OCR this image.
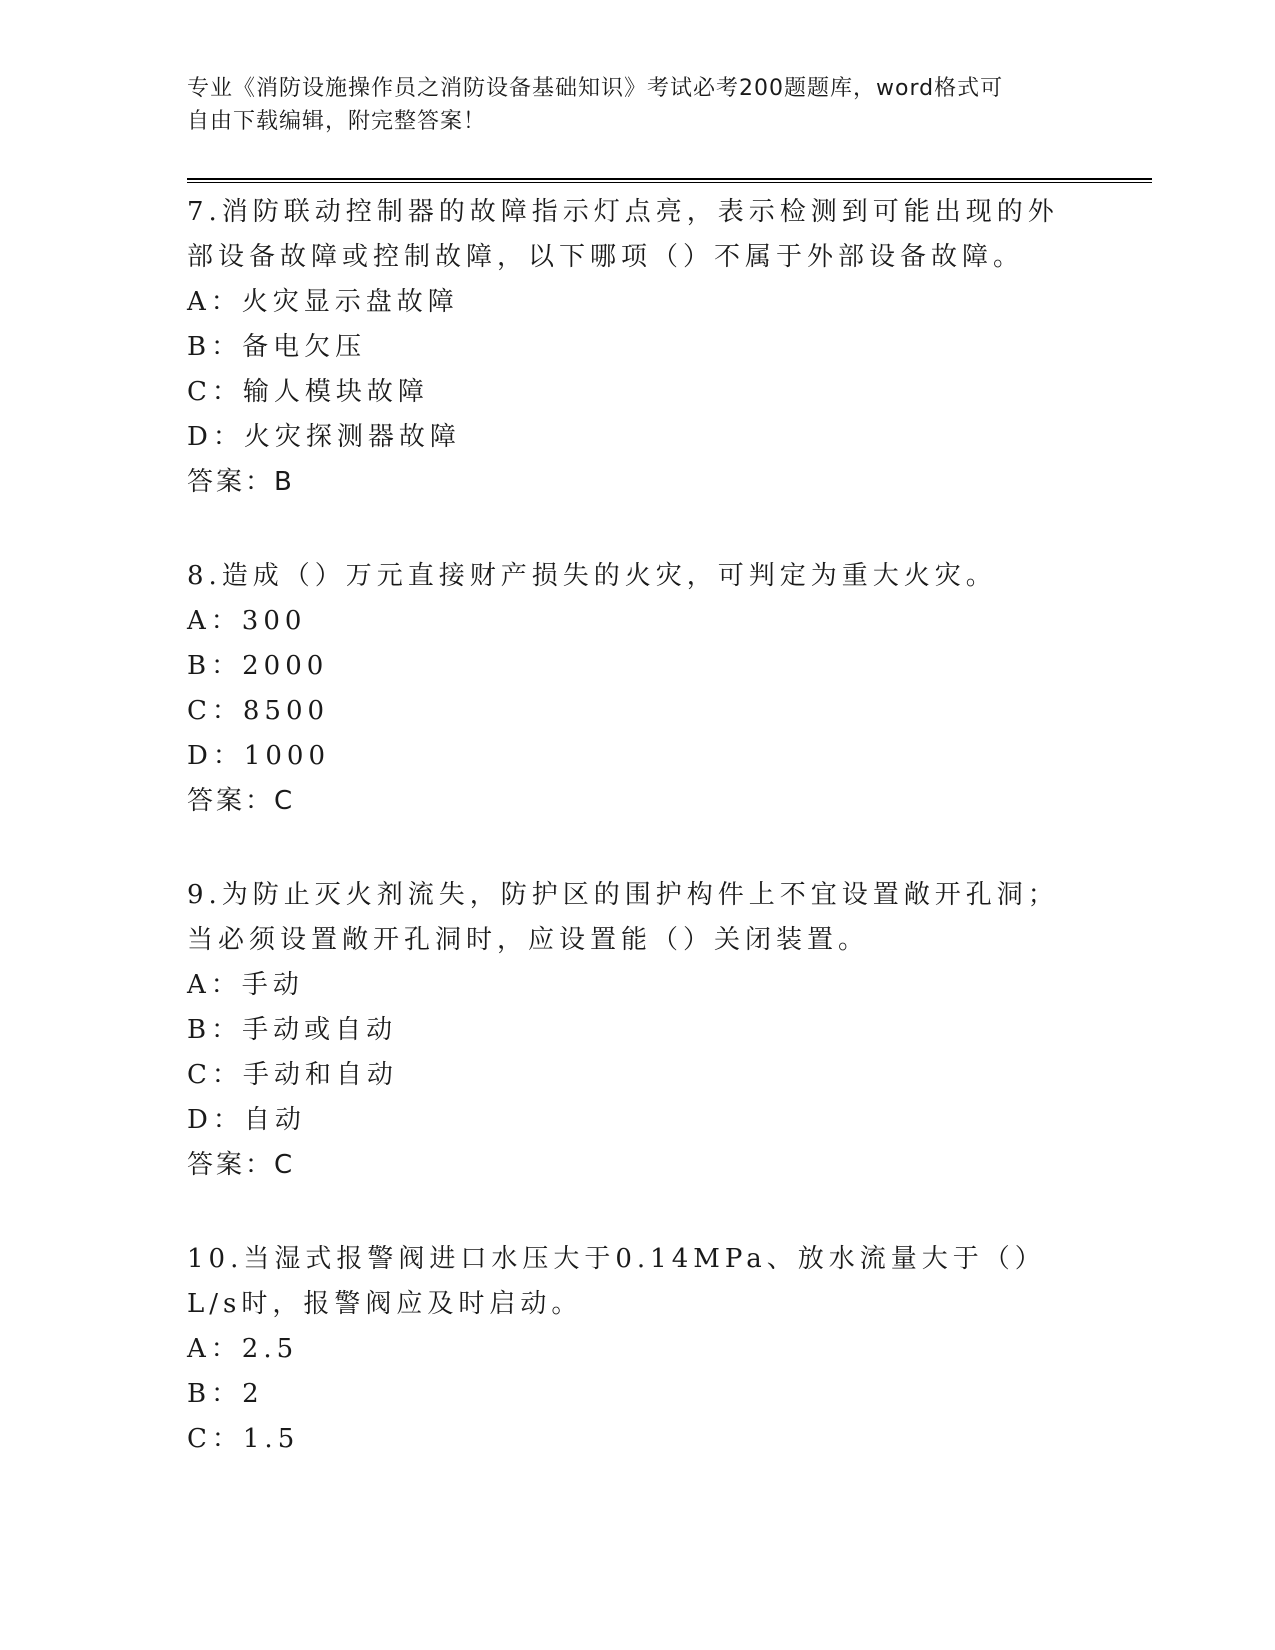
专业《消防设施操作员之消防设备基础知识》考试必考200题题库，word格式可
自由下载编辑，附完整答案！
7.消防联动控制器的故障指示灯点亮，表示检测到可能出现的外部设备故障或控制故障，以下哪项（）不属于外部设备故障。
A：火灾显示盘故障
B：备电欠压
C：输人模块故障
D：火灾探测器故障
答案：B
8.造成（）万元直接财产损失的火灾，可判定为重大火灾。
A：300
B：2000
C：8500
D：1000
答案：C
9.为防止灭火剂流失，防护区的围护构件上不宜设置敞开孔洞；当必须设置敞开孔洞时，应设置能（）关闭装置。
A：手动
B：手动或自动
C：手动和自动
D：自动
答案：C
10.当湿式报警阀进口水压大于0.14MPa、放水流量大于（）L/s时，报警阀应及时启动。
A：2.5
B：2
C：1.5
